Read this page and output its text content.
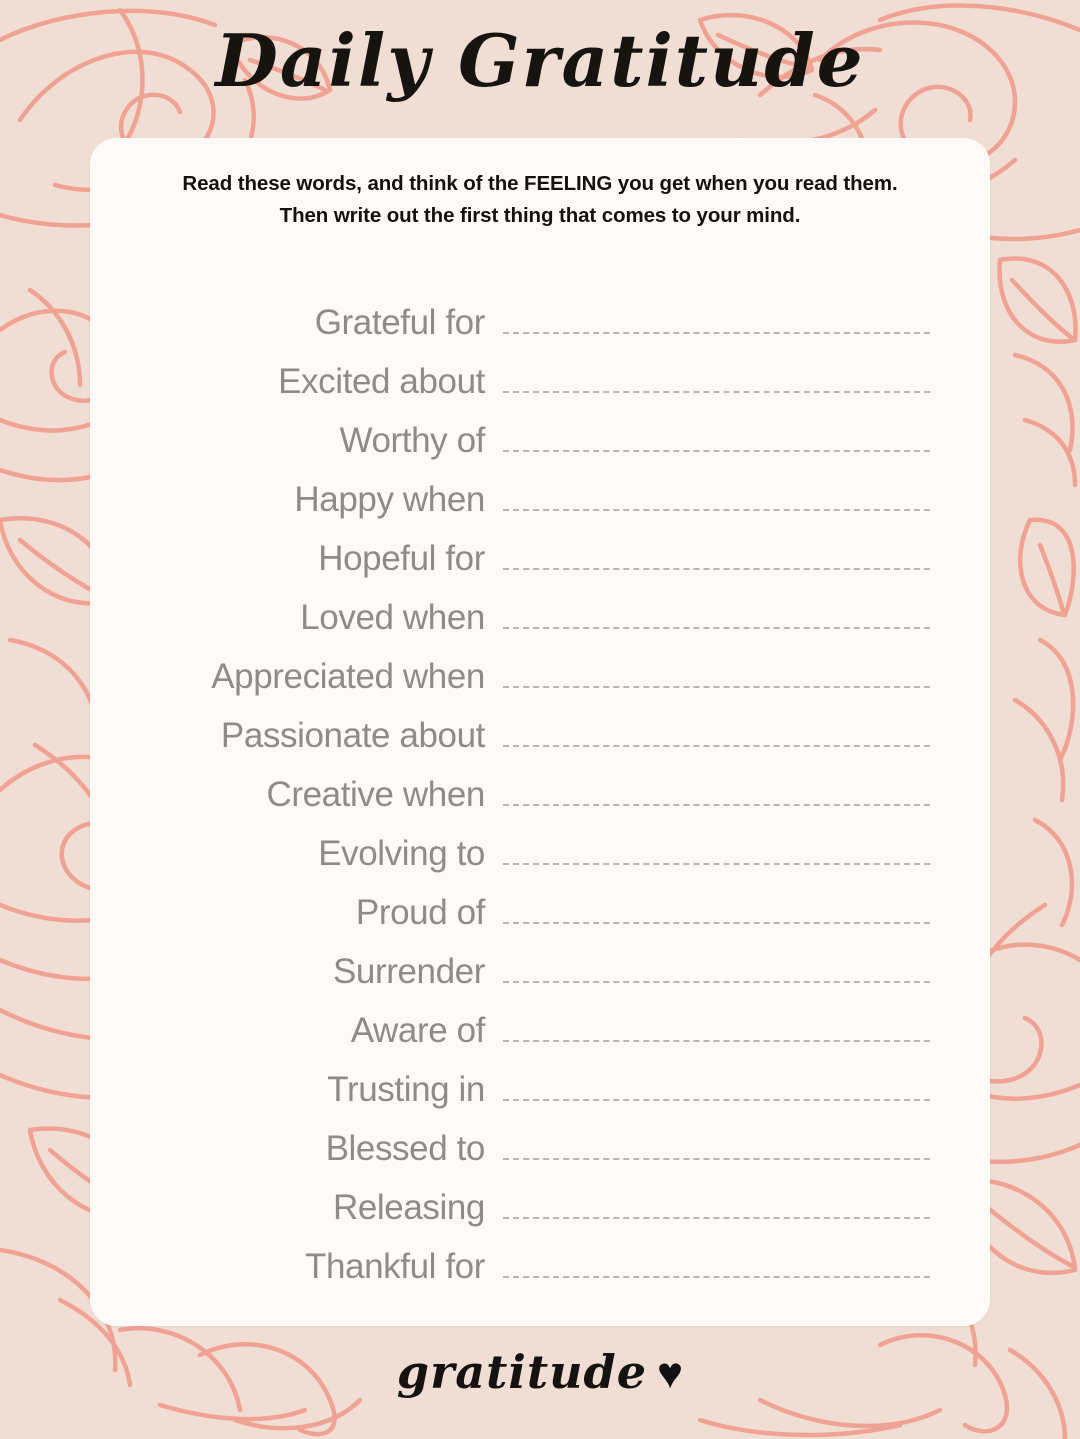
Daily Gratitude
Read these words, and think of the FEELING you get when you read them.
Then write out the first thing that comes to your mind.
Grateful for
Excited about
Worthy of
Happy when
Hopeful for
Loved when
Appreciated when
Passionate about
Creative when
Evolving to
Proud of
Surrender
Aware of
Trusting in
Blessed to
Releasing
Thankful for
gratitude ♥
